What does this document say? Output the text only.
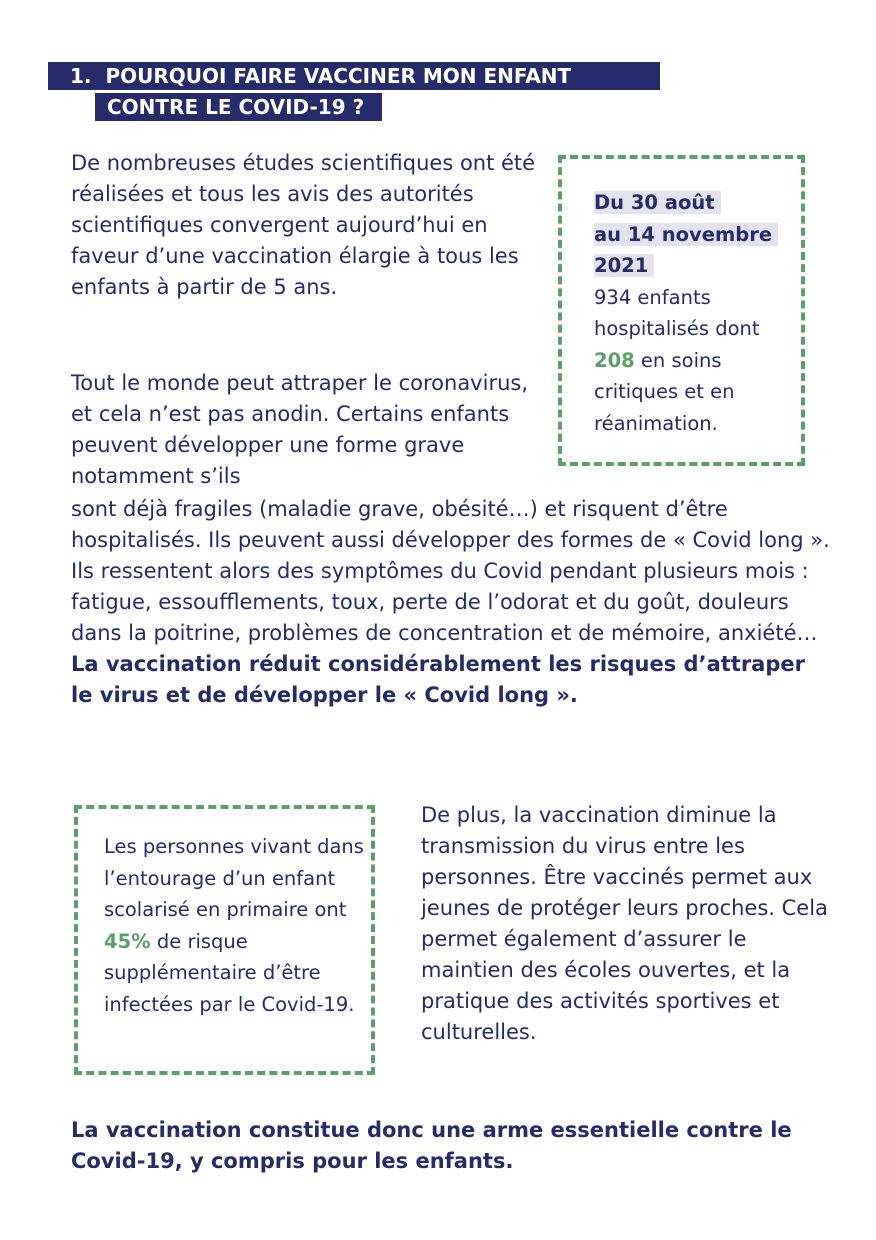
1.  POURQUOI FAIRE VACCINER MON ENFANT
CONTRE LE COVID-19 ?

De nombreuses études scientifiques ont été réalisées et tous les avis des autorités scientifiques convergent aujourd’hui en faveur d’une vaccination élargie à tous les enfants à partir de 5 ans.

Tout le monde peut attraper le coronavirus, et cela n’est pas anodin. Certains enfants peuvent développer une forme grave notamment s’ils

sont déjà fragiles (maladie grave, obésité…) et risquent d’être hospitalisés. Ils peuvent aussi développer des formes de « Covid long ». Ils ressentent alors des symptômes du Covid pendant plusieurs mois : fatigue, essoufflements, toux, perte de l’odorat et du goût, douleurs dans la poitrine, problèmes de concentration et de mémoire, anxiété… La vaccination réduit considérablement les risques d’attraper le virus et de développer le « Covid long ».

Du 30 août
au 14 novembre
2021
934 enfants hospitalisés dont 208 en soins critiques et en réanimation.
Les personnes vivant dans l’entourage d’un enfant scolarisé en primaire ont 45% de risque supplémentaire d’être infectées par le Covid-19.

De plus, la vaccination diminue la transmission du virus entre les personnes. Être vaccinés permet aux jeunes de protéger leurs proches. Cela permet également d’assurer le maintien des écoles ouvertes, et la pratique des activités sportives et culturelles.

La vaccination constitue donc une arme essentielle contre le Covid-19, y compris pour les enfants.
